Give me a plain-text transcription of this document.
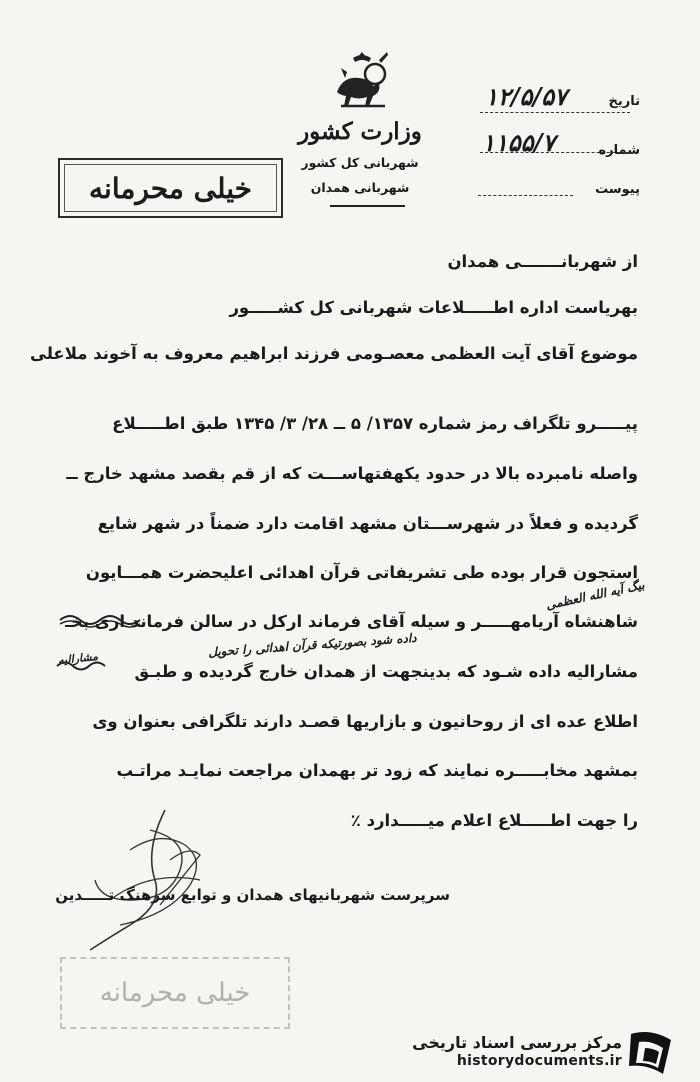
وزارت کشور
شهربانی کل کشور
شهربانی همدان
تاریخ
۱۲/۵/۵۷
شماره
۱۱۵۵/۷
پیوست
خیلی محرمانه
از شهربانـــــــی همدان
بهریاست اداره اطـــــلاعات شهربانی کل کشـــــور
موضوع آقای آیت العظمی معصـومی فرزند ابراهیم معروف به آخوند ملاعلی
پیـــــرو تلگراف رمز شماره ۱۳۵۷/ ۵ ــ ۲۸/ ۳/ ۱۳۴۵ طبق اطـــــلاع
واصله نامبرده بالا در حدود یکهفتهاســـت که از قم بقصد مشهد خارج ــ
گردیده و فعلاً در شهرســـتان مشهد اقامت دارد ضمناً در شهر شایع
استجون قرار بوده طی تشریفاتی قرآن اهدائی اعلیحضرت همـــایون
شاهنشاه آریامهـــــر و سیله آقای فرماند ارکل در سالن فرماند اری بخـ
مشارالیه داده شـود که بدینجهت از همدان خارج گردیده و طبـق
اطلاع عده ای از روحانیون و بازاریها قصـد دارند تلگرافی بعنوان وی
بمشهد مخابـــــره نمایند که زود تر بهمدان مراجعت نمایـد مراتـب
را جهت اطـــــلاع اعلام میـــــدارد ٪
بیگ آیه الله العظمی
داده شود بصورتیکه قرآن اهدائی را تحویل
مشارالیه
سرپرست شهربانیهای همدان و توابع سرهنگ تـــــدین
خیلی محرمانه
مرکز بررسی اسناد تاریخی
historydocuments.ir
